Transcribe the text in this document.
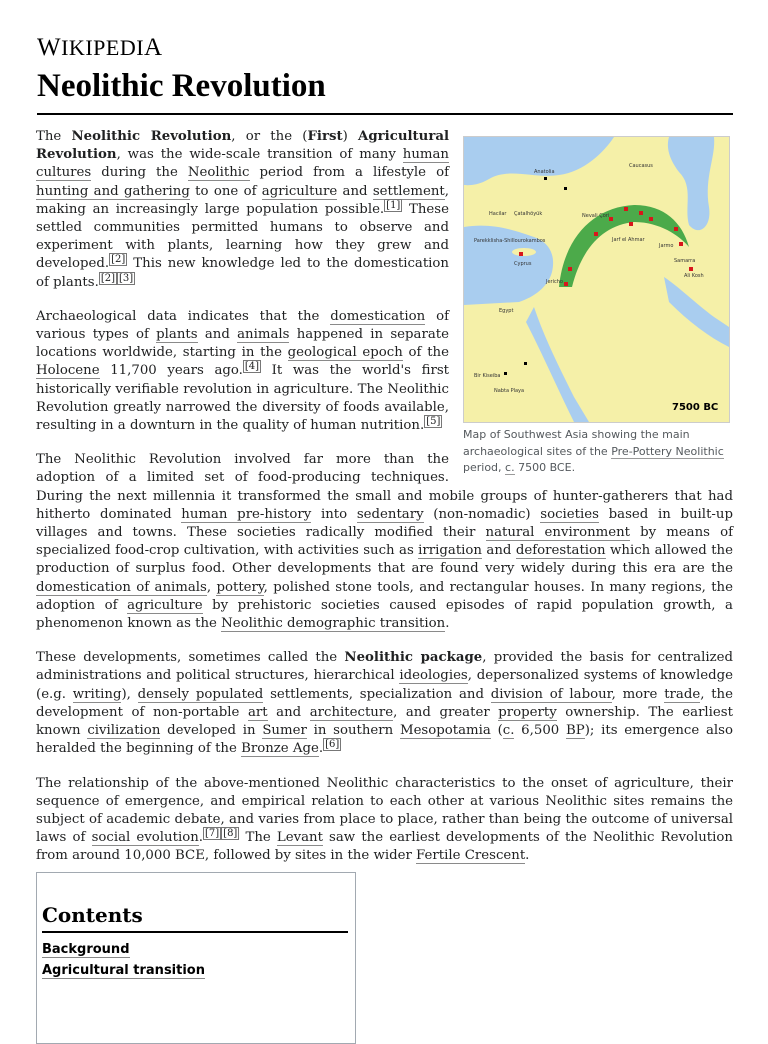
WIKIPEDIA
Neolithic Revolution
Caucasus
Anatolia
Hacilar Çatalhöyük	Nevali Çori
Jarf el Ahmar
Jarmo
Parekklisha-Shillourokambos
Cyprus
Jericho
Egypt
Bir Kiseiba
Nabta Playa
Ali Kosh
Samarra
7500 BC
Map of Southwest Asia showing the main archaeological sites of the Pre-Pottery Neolithic period, c. 7500 BCE.

The Neolithic Revolution, or the (First) Agricultural Revolution, was the wide-scale transition of many human cultures during the Neolithic period from a lifestyle of hunting and gathering to one of agriculture and settlement, making an increasingly large population possible. [1] These settled communities permitted humans to observe and experiment with plants, learning how they grew and developed. [2] This new knowledge led to the domestication of plants. [2] [3]

Archaeological data indicates that the domestication of various types of plants and animals happened in separate locations worldwide, starting in the geological epoch of the Holocene 11,700 years ago. [4] It was the world's first historically verifiable revolution in agriculture. The Neolithic Revolution greatly narrowed the diversity of foods available, resulting in a downturn in the quality of human nutrition. [5]

The Neolithic Revolution involved far more than the adoption of a limited set of food-producing techniques. During the next millennia it transformed the small and mobile groups of hunter-gatherers that had hitherto dominated human pre-history into sedentary (non-nomadic) societies based in built-up villages and towns. These societies radically modified their natural environment by means of specialized food-crop cultivation, with activities such as irrigation and deforestation which allowed the production of surplus food. Other developments that are found very widely during this era are the domestication of animals, pottery, polished stone tools, and rectangular houses. In many regions, the adoption of agriculture by prehistoric societies caused episodes of rapid population growth, a phenomenon known as the Neolithic demographic transition.

These developments, sometimes called the Neolithic package, provided the basis for centralized administrations and political structures, hierarchical ideologies, depersonalized systems of knowledge (e.g. writing), densely populated settlements, specialization and division of labour, more trade, the development of non-portable art and architecture, and greater property ownership. The earliest known civilization developed in Sumer in southern Mesopotamia (c. 6,500 BP); its emergence also heralded the beginning of the Bronze Age. [6]

The relationship of the above-mentioned Neolithic characteristics to the onset of agriculture, their sequence of emergence, and empirical relation to each other at various Neolithic sites remains the subject of academic debate, and varies from place to place, rather than being the outcome of universal laws of social evolution. [7] [8] The Levant saw the earliest developments of the Neolithic Revolution from around 10,000 BCE, followed by sites in the wider Fertile Crescent.

Contents
Background
Agricultural transition
